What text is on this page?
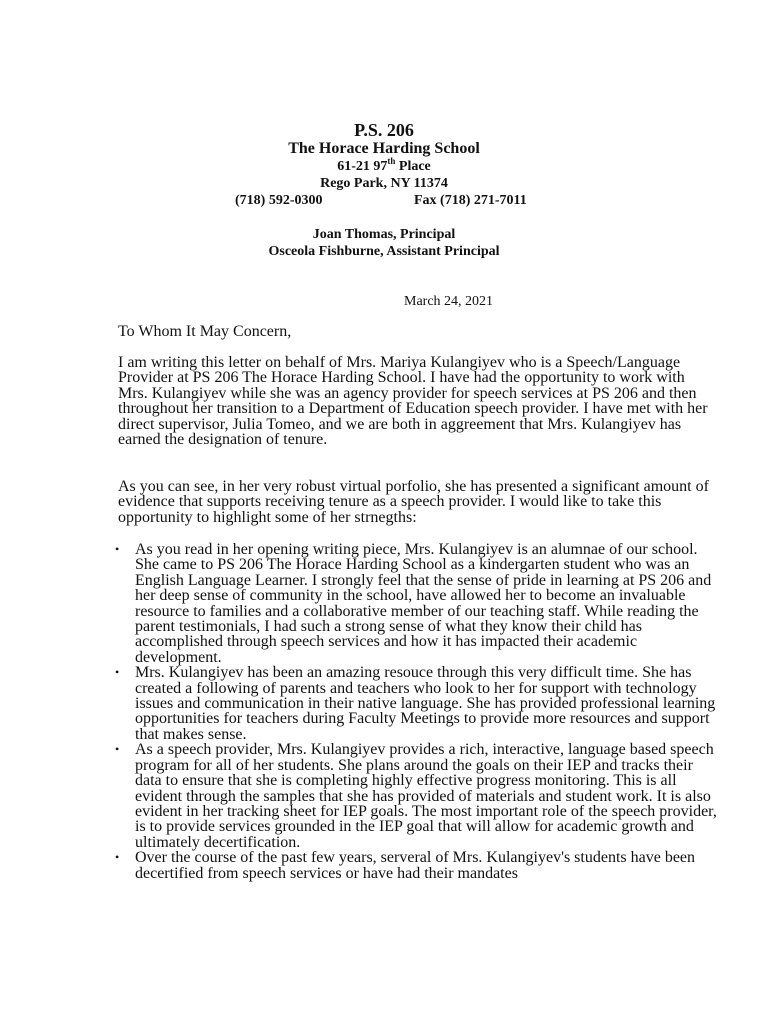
P.S. 206
The Horace Harding School
61-21 97th Place
Rego Park, NY 11374
(718) 592-0300	Fax (718) 271-7011
Joan Thomas, Principal
Osceola Fishburne, Assistant Principal
March 24, 2021

To Whom It May Concern,

I am writing this letter on behalf of Mrs. Mariya Kulangiyev who is a Speech/Language Provider at PS 206 The Horace Harding School. I have had the opportunity to work with Mrs. Kulangiyev while she was an agency provider for speech services at PS 206 and then throughout her transition to a Department of Education speech provider. I have met with her direct supervisor, Julia Tomeo, and we are both in aggreement that Mrs. Kulangiyev has earned the designation of tenure.

As you can see, in her very robust virtual porfolio, she has presented a significant amount of evidence that supports receiving tenure as a speech provider. I would like to take this opportunity to highlight some of her strnegths:

• As you read in her opening writing piece, Mrs. Kulangiyev is an alumnae of our school. She came to PS 206 The Horace Harding School as a kindergarten student who was an English Language Learner. I strongly feel that the sense of pride in learning at PS 206 and her deep sense of community in the school, have allowed her to become an invaluable resource to families and a collaborative member of our teaching staff. While reading the parent testimonials, I had such a strong sense of what they know their child has accomplished through speech services and how it has impacted their academic development.
• Mrs. Kulangiyev has been an amazing resouce through this very difficult time. She has created a following of parents and teachers who look to her for support with technology issues and communication in their native language. She has provided professional learning opportunities for teachers during Faculty Meetings to provide more resources and support that makes sense.
• As a speech provider, Mrs. Kulangiyev provides a rich, interactive, language based speech program for all of her students. She plans around the goals on their IEP and tracks their data to ensure that she is completing highly effective progress monitoring. This is all evident through the samples that she has provided of materials and student work. It is also evident in her tracking sheet for IEP goals. The most important role of the speech provider, is to provide services grounded in the IEP goal that will allow for academic growth and ultimately decertification.
• Over the course of the past few years, serveral of Mrs. Kulangiyev's students have been decertified from speech services or have had their mandates
